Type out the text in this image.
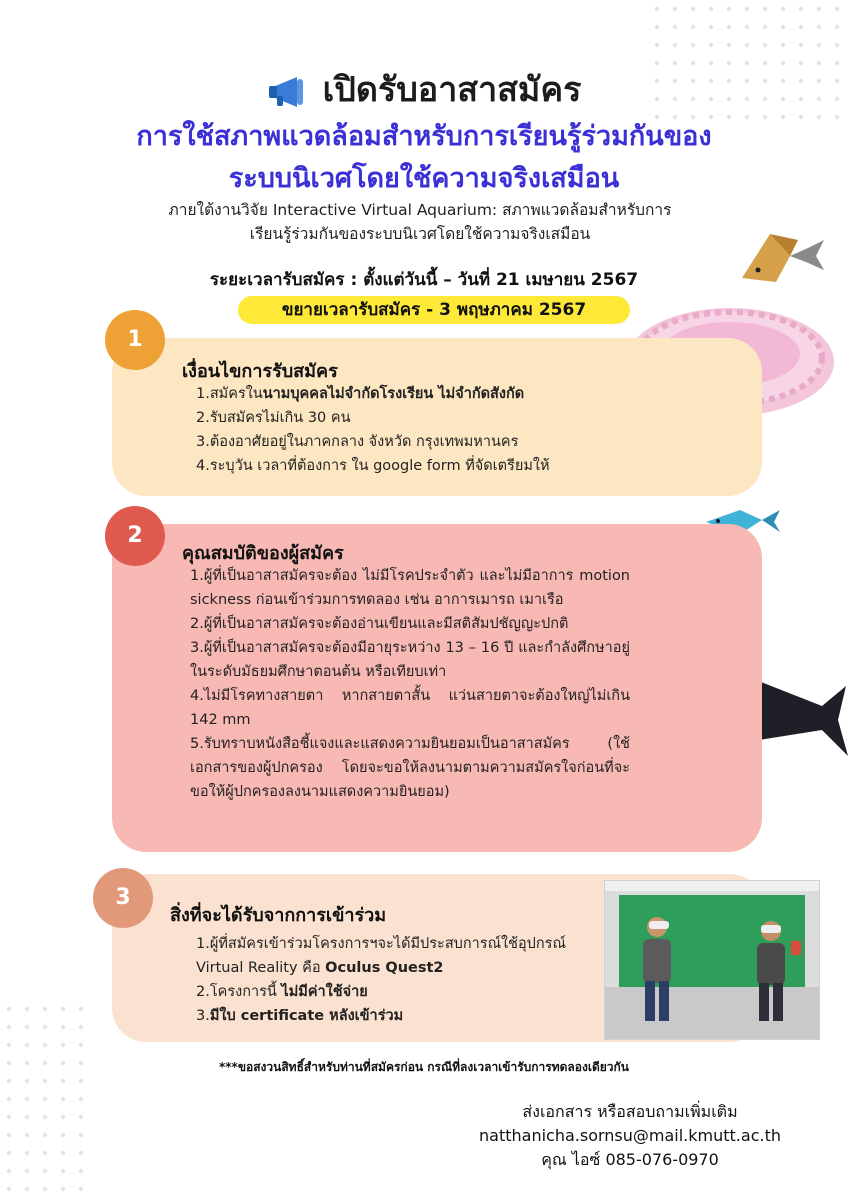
เปิดรับอาสาสมัคร
การใช้สภาพแวดล้อมสำหรับการเรียนรู้ร่วมกันของ
ระบบนิเวศโดยใช้ความจริงเสมือน
ภายใต้งานวิจัย Interactive Virtual Aquarium: สภาพแวดล้อมสำหรับการ
เรียนรู้ร่วมกันของระบบนิเวศโดยใช้ความจริงเสมือน
ระยะเวลารับสมัคร : ตั้งแต่วันนี้ – วันที่ 21 เมษายน 2567
ขยายเวลารับสมัคร - 3 พฤษภาคม 2567
1
เงื่อนไขการรับสมัคร
1.สมัครในนามบุคคลไม่จำกัดโรงเรียน ไม่จำกัดสังกัด
2.รับสมัครไม่เกิน 30 คน
3.ต้องอาศัยอยู่ในภาคกลาง จังหวัด กรุงเทพมหานคร
4.ระบุวัน เวลาที่ต้องการ ใน google form ที่จัดเตรียมให้
2
คุณสมบัติของผู้สมัคร
1.ผู้ที่เป็นอาสาสมัครจะต้อง ไม่มีโรคประจำตัว และไม่มีอาการ motion sickness ก่อนเข้าร่วมการทดลอง เช่น อาการเมารถ เมาเรือ
2.ผู้ที่เป็นอาสาสมัครจะต้องอ่านเขียนและมีสติสัมปชัญญะปกติ
3.ผู้ที่เป็นอาสาสมัครจะต้องมีอายุระหว่าง 13 – 16 ปี และกำลังศึกษาอยู่ในระดับมัธยมศึกษาตอนต้น หรือเทียบเท่า
4.ไม่มีโรคทางสายตา หากสายตาสั้น แว่นสายตาจะต้องใหญ่ไม่เกิน 142 mm
5.รับทราบหนังสือชี้แจงและแสดงความยินยอมเป็นอาสาสมัคร (ใช้เอกสารของผู้ปกครอง โดยจะขอให้ลงนามตามความสมัครใจก่อนที่จะขอให้ผู้ปกครองลงนามแสดงความยินยอม)
3
สิ่งที่จะได้รับจากการเข้าร่วม
1.ผู้ที่สมัครเข้าร่วมโครงการฯจะได้มีประสบการณ์ใช้อุปกรณ์ Virtual Reality คือ Oculus Quest2
2.โครงการนี้ ไม่มีค่าใช้จ่าย
3.มีใบ certificate หลังเข้าร่วม
***ขอสงวนสิทธิ์สำหรับท่านที่สมัครก่อน กรณีที่ลงเวลาเข้ารับการทดลองเดียวกัน
ส่งเอกสาร หรือสอบถามเพิ่มเติม
natthanicha.sornsu@mail.kmutt.ac.th
คุณ ไอซ์ 085-076-0970
